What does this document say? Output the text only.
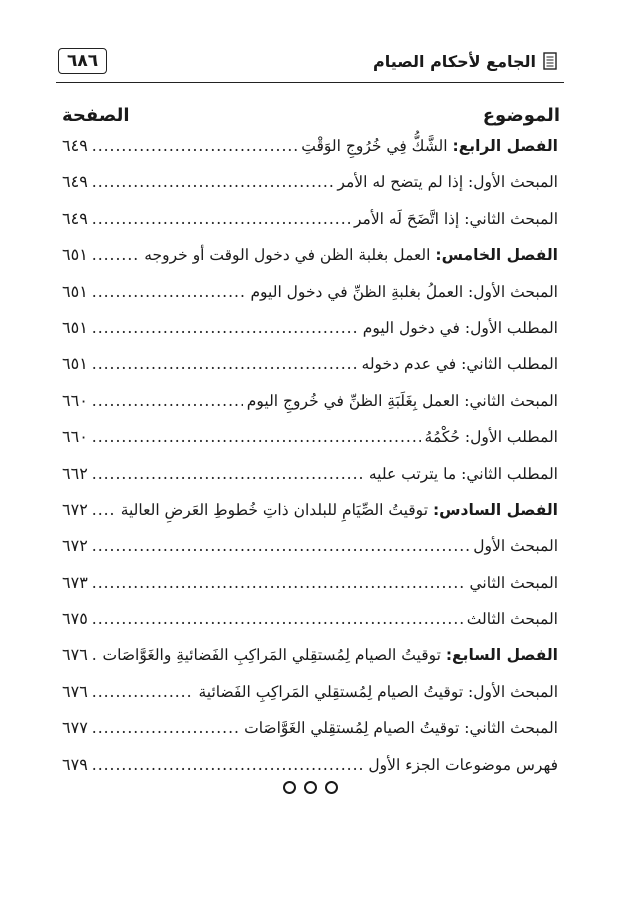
الجامع لأحكام الصيام
٦٨٦
الموضوع
الصفحة
الفصل الرابع: الشَّكُّ فِي خُرُوجِ الوَقْتِ
.....
٦٤٩
المبحث الأول: إذا لم يتضح له الأمر
.....
٦٤٩
المبحث الثاني: إذا اتَّضَحَ لَه الأمر
.....
٦٤٩
الفصل الخامس: العمل بغلبة الظن في دخول الوقت أو خروجه
.....
٦٥١
المبحث الأول: العملُ بغلبةِ الظنِّ في دخول اليوم
.....
٦٥١
المطلب الأول: في دخول اليوم
.....
٦٥١
المطلب الثاني: في عدم دخوله
.....
٦٥١
المبحث الثاني: العمل بِغَلَبَةِ الظنِّ في خُروجِ اليوم
.....
٦٦٠
المطلب الأول: حُكْمُهُ
.....
٦٦٠
المطلب الثاني: ما يترتب عليه
.....
٦٦٢
الفصل السادس: توقيتُ الصِّيَامِ للبلدان ذاتِ خُطوطِ العَرضِ العالية
.....
٦٧٢
المبحث الأول
.....
٦٧٢
المبحث الثاني
.....
٦٧٣
المبحث الثالث
.....
٦٧٥
الفصل السابع: توقيتُ الصيام لِمُستقِلي المَراكِبِ الفَضائيةِ والغَوَّاصَات
.....
٦٧٦
المبحث الأول: توقيتُ الصيام لِمُستقِلي المَراكِبِ الفَضائية
.....
٦٧٦
المبحث الثاني: توقيتُ الصيام لِمُستقِلي الغَوَّاصَات
.....
٦٧٧
فهرس موضوعات الجزء الأول
.....
٦٧٩
